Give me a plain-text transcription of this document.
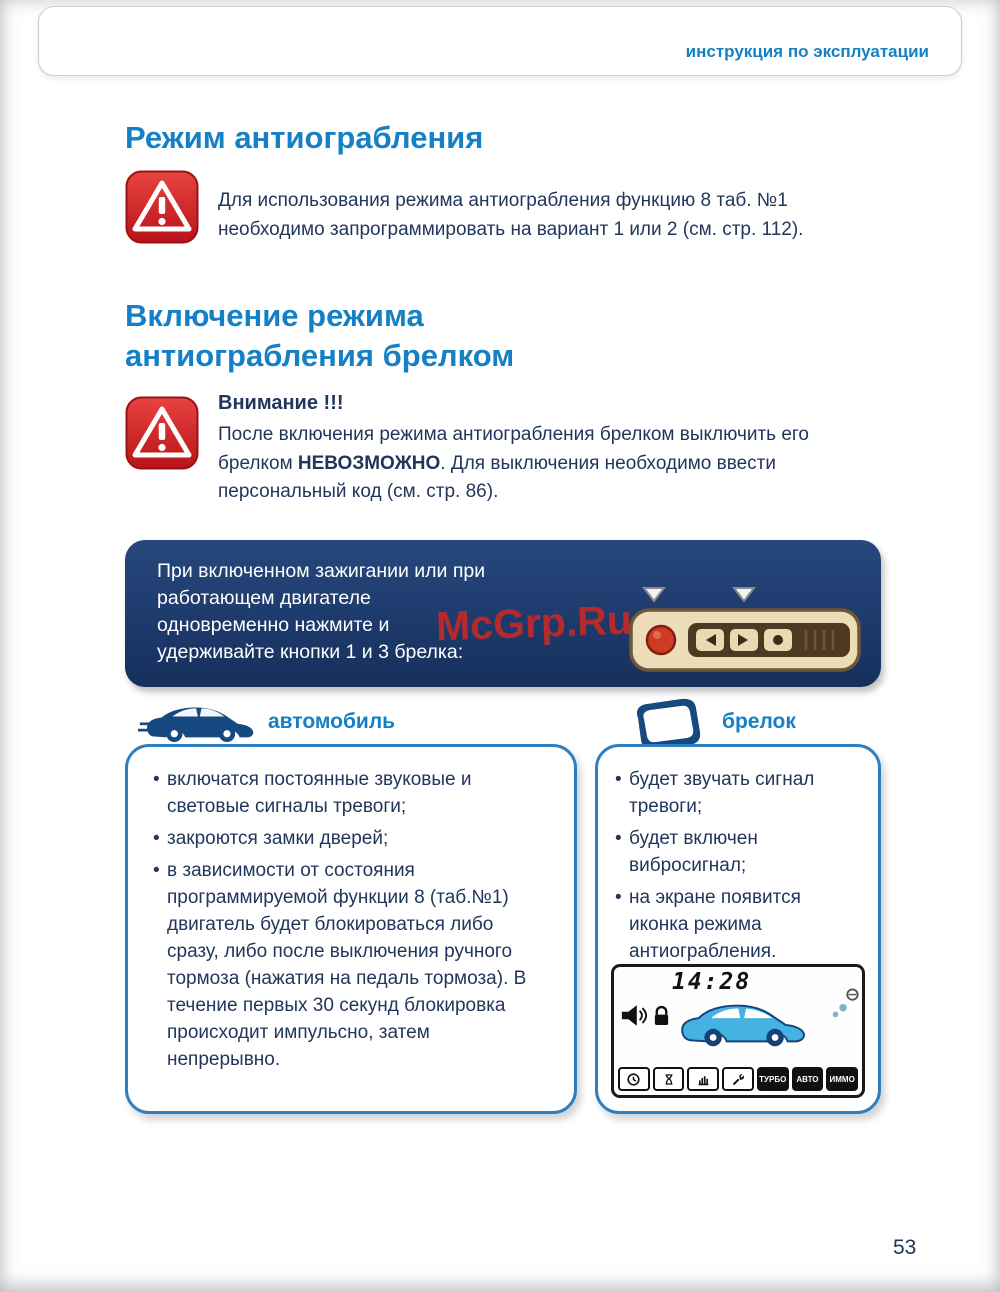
инструкция по эксплуатации
Режим антиограбления

Для использования режима антиограбления функцию 8 таб. №1 необходимо запрограммировать на вариант 1 или 2 (см. стр. 112).

Включение режима
антиограбления брелком
Внимание !!!

После включения режима антиограбления брелком выключить его брелком НЕВОЗМОЖНО. Для выключения необходимо ввести персональный код (см. стр. 86).

При включенном зажигании или при работающем двигателе одновременно нажмите и удерживайте кнопки 1 и 3 брелка:
McGrp.Ru
автомобиль	брелок
• включатся постоянные звуковые и световые сигналы тревоги;
• закроются замки дверей;
• в зависимости от состояния программируемой функции 8 (таб.№1) двигатель будет блокироваться либо сразу, либо после выключения ручного тормоза (нажатия на педаль тормоза). В течение первых 30 секунд блокировка происходит импульсно, затем непрерывно.
• будет звучать сигнал тревоги;
• будет включен вибросигнал;
• на экране появится иконка режима антиограбления.
14:28
ТУРБО	АВТО	ИММО
53
